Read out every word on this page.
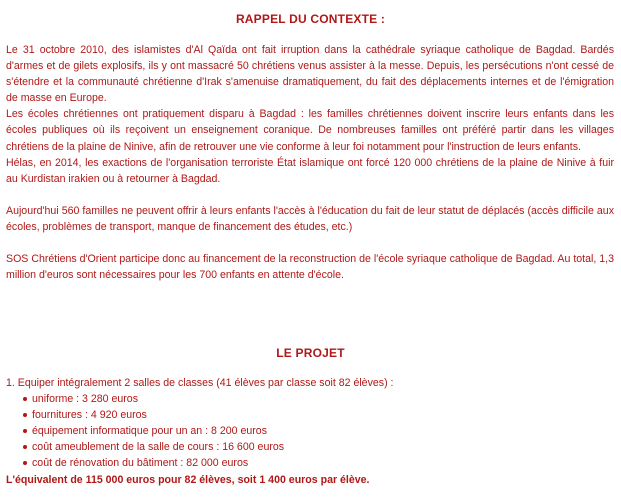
RAPPEL DU CONTEXTE :

Le 31 octobre 2010, des islamistes d'Al Qaïda ont fait irruption dans la cathédrale syriaque catholique de Bagdad. Bardés d'armes et de gilets explosifs, ils y ont massacré 50 chrétiens venus assister à la messe. Depuis, les persécutions n'ont cessé de s'étendre et la communauté chrétienne d'Irak s'amenuise dramatiquement, du fait des déplacements internes et de l'émigration de masse en Europe.

Les écoles chrétiennes ont pratiquement disparu à Bagdad : les familles chrétiennes doivent inscrire leurs enfants dans les écoles publiques où ils reçoivent un enseignement coranique. De nombreuses familles ont préféré partir dans les villages chrétiens de la plaine de Ninive, afin de retrouver une vie conforme à leur foi notamment pour l'instruction de leurs enfants.

Hélas, en 2014, les exactions de l'organisation terroriste État islamique ont forcé 120 000 chrétiens de la plaine de Ninive à fuir au Kurdistan irakien ou à retourner à Bagdad.

Aujourd'hui 560 familles ne peuvent offrir à leurs enfants l'accès à l'éducation du fait de leur statut de déplacés (accès difficile aux écoles, problèmes de transport, manque de financement des études, etc.)

SOS Chrétiens d'Orient participe donc au financement de la reconstruction de l'école syriaque catholique de Bagdad. Au total, 1,3 million d'euros sont nécessaires pour les 700 enfants en attente d'école.

LE PROJET
1. Equiper intégralement 2 salles de classes (41 élèves par classe soit 82 élèves) :
uniforme : 3 280 euros
fournitures : 4 920 euros
équipement informatique pour un an : 8 200 euros
coût ameublement de la salle de cours : 16 600 euros
coût de rénovation du bâtiment : 82 000 euros
L'équivalent de 115 000 euros pour 82 élèves, soit 1 400 euros par élève.
